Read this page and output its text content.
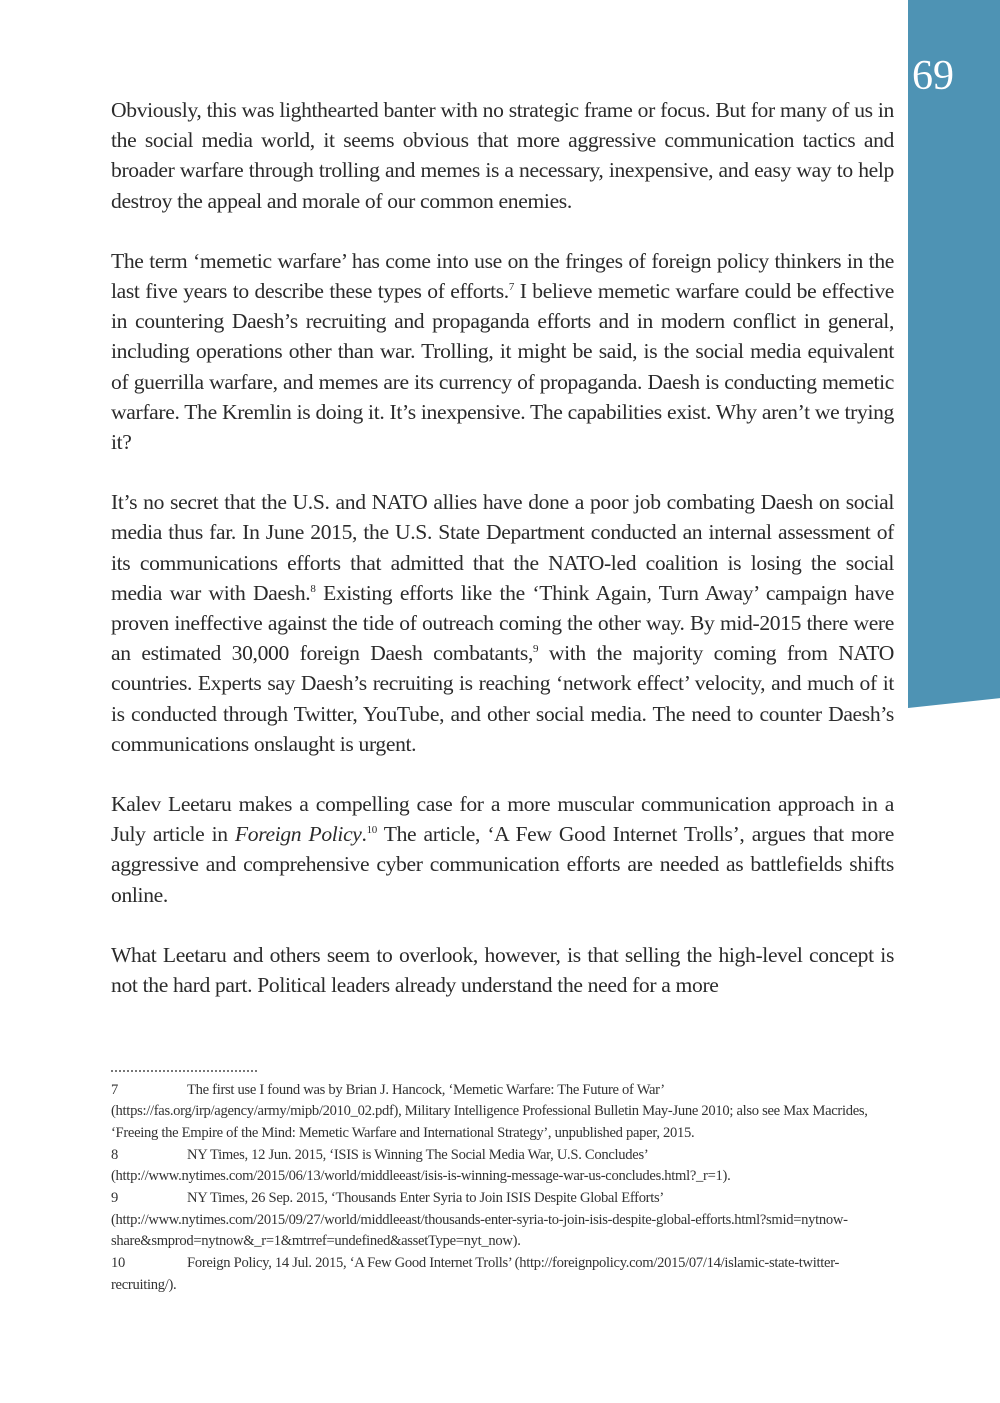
69

Obviously, this was lighthearted banter with no strategic frame or focus. But for many of us in the social media world, it seems obvious that more aggressive communication tactics and broader warfare through trolling and memes is a necessary, inexpensive, and easy way to help destroy the appeal and morale of our common enemies.

The term ‘memetic warfare’ has come into use on the fringes of foreign policy thinkers in the last five years to describe these types of efforts.$^7$ I believe memetic warfare could be effective in countering Daesh’s recruiting and propaganda efforts and in modern conflict in general, including operations other than war. Trolling, it might be said, is the social media equivalent of guerrilla warfare, and memes are its currency of propaganda. Daesh is conducting memetic warfare. The Kremlin is doing it. It’s inexpensive. The capabilities exist. Why aren’t we trying it?

It’s no secret that the U.S. and NATO allies have done a poor job combating Daesh on social media thus far. In June 2015, the U.S. State Department conducted an internal assessment of its communications efforts that admitted that the NATO-led coalition is losing the social media war with Daesh.$^8$ Existing efforts like the ‘Think Again, Turn Away’ campaign have proven ineffective against the tide of outreach coming the other way. By mid-2015 there were an estimated 30,000 foreign Daesh combatants,$^9$ with the majority coming from NATO countries. Experts say Daesh’s recruiting is reaching ‘network effect’ velocity, and much of it is conducted through Twitter, YouTube, and other social media. The need to counter Daesh’s communications onslaught is urgent.

Kalev Leetaru makes a compelling case for a more muscular communication approach in a July article in Foreign Policy.$^{10}$ The article, ‘A Few Good Internet Trolls’, argues that more aggressive and comprehensive cyber communication efforts are needed as battlefields shifts online.

What Leetaru and others seem to overlook, however, is that selling the high-level concept is not the hard part. Political leaders already understand the need for a more

7	The first use I found was by Brian J. Hancock, ‘Memetic Warfare: The Future of War’ (https://fas.org/irp/agency/army/mipb/2010_02.pdf), Military Intelligence Professional Bulletin May-June 2010; also see Max Macrides, ‘Freeing the Empire of the Mind: Memetic Warfare and International Strategy’, unpublished paper, 2015.
8	NY Times, 12 Jun. 2015, ‘ISIS is Winning The Social Media War, U.S. Concludes’ (http://www.nytimes.com/2015/06/13/world/middleeast/isis-is-winning-message-war-us-concludes.html?_r=1).
9	NY Times, 26 Sep. 2015, ‘Thousands Enter Syria to Join ISIS Despite Global Efforts’ (http://www.nytimes.com/2015/09/27/world/middleeast/thousands-enter-syria-to-join-isis-despite-global-efforts.html?smid=nytnow-share&smprod=nytnow&_r=1&mtrref=undefined&assetType=nyt_now).
10	Foreign Policy, 14 Jul. 2015, ‘A Few Good Internet Trolls’ (http://foreignpolicy.com/2015/07/14/islamic-state-twitter-recruiting/).
